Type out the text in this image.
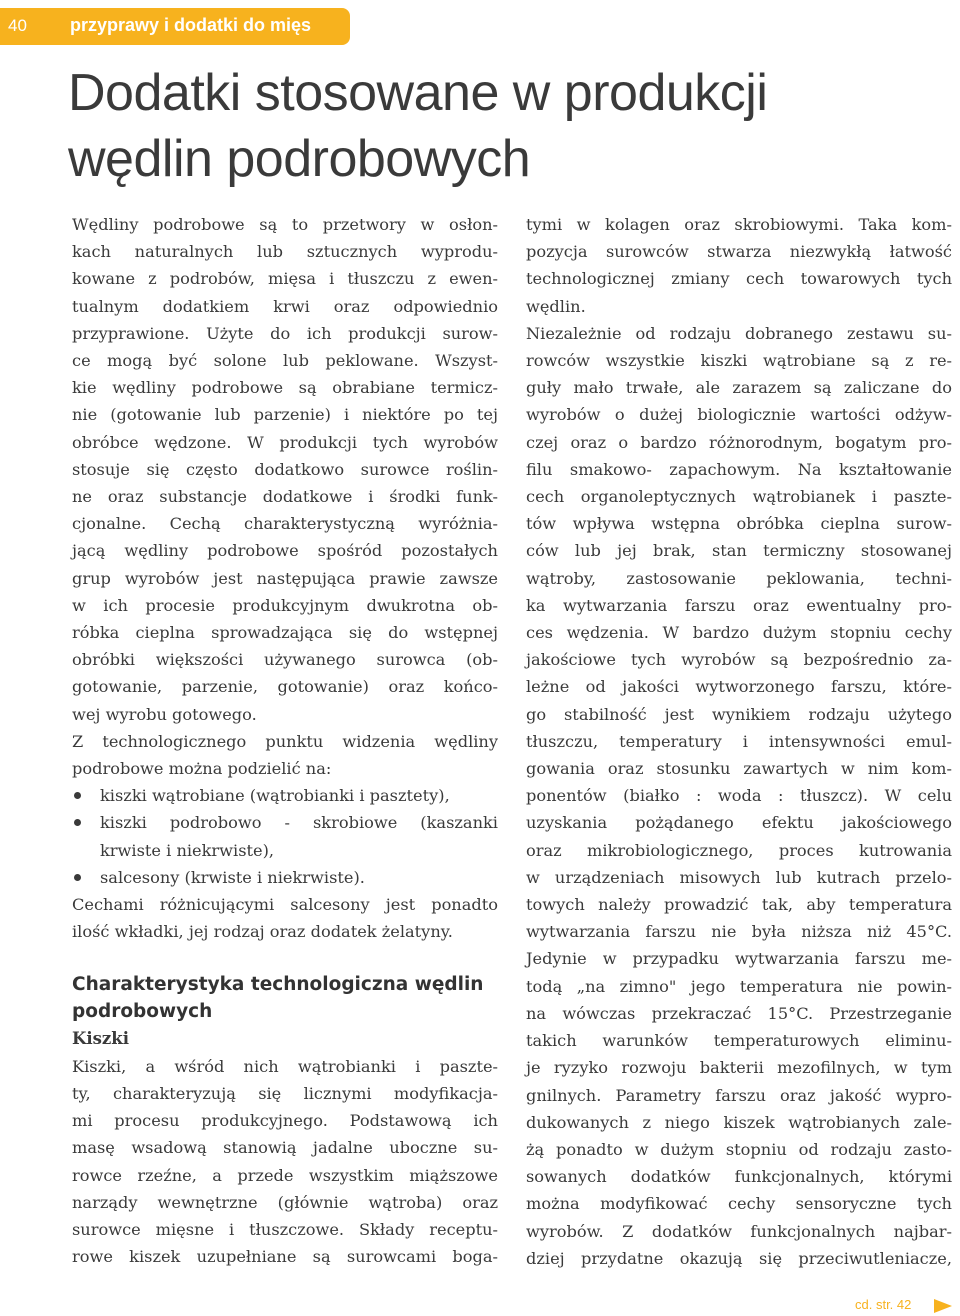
40	przyprawy i dodatki do mięs
Dodatki stosowane w produkcji
wędlin podrobowych
Wędliny podrobowe są to przetwory w osłon-
kach naturalnych lub sztucznych wyprodu-
kowane z podrobów, mięsa i tłuszczu z ewen-
tualnym dodatkiem krwi oraz odpowiednio
przyprawione. Użyte do ich produkcji surow-
ce mogą być solone lub peklowane. Wszyst-
kie wędliny podrobowe są obrabiane termicz-
nie (gotowanie lub parzenie) i niektóre po tej
obróbce wędzone. W produkcji tych wyrobów
stosuje się często dodatkowo surowce roślin-
ne oraz substancje dodatkowe i środki funk-
cjonalne. Cechą charakterystyczną wyróżnia-
jącą wędliny podrobowe spośród pozostałych
grup wyrobów jest następująca prawie zawsze
w ich procesie produkcyjnym dwukrotna ob-
róbka cieplna sprowadzająca się do wstępnej
obróbki większości używanego surowca (ob-
gotowanie, parzenie, gotowanie) oraz końco-
wej wyrobu gotowego.
Z technologicznego punktu widzenia wędliny
podrobowe można podzielić na:
kiszki wątrobiane (wątrobianki i pasztety),
kiszki podrobowo - skrobiowe (kaszanki
krwiste i niekrwiste),
salcesony (krwiste i niekrwiste).
Cechami różnicującymi salcesony jest ponadto
ilość wkładki, jej rodzaj oraz dodatek żelatyny.
Charakterystyka technologiczna wędlin
podrobowych
Kiszki
Kiszki, a wśród nich wątrobianki i paszte-
ty, charakteryzują się licznymi modyfikacja-
mi procesu produkcyjnego. Podstawową ich
masę wsadową stanowią jadalne uboczne su-
rowce rzeźne, a przede wszystkim miąższowe
narządy wewnętrzne (głównie wątroba) oraz
surowce mięsne i tłuszczowe. Składy receptu-
rowe kiszek uzupełniane są surowcami boga-
tymi w kolagen oraz skrobiowymi. Taka kom-
pozycja surowców stwarza niezwykłą łatwość
technologicznej zmiany cech towarowych tych
wędlin.
Niezależnie od rodzaju dobranego zestawu su-
rowców wszystkie kiszki wątrobiane są z re-
guły mało trwałe, ale zarazem są zaliczane do
wyrobów o dużej biologicznie wartości odżyw-
czej oraz o bardzo różnorodnym, bogatym pro-
filu smakowo- zapachowym. Na kształtowanie
cech organoleptycznych wątrobianek i paszte-
tów wpływa wstępna obróbka cieplna surow-
ców lub jej brak, stan termiczny stosowanej
wątroby, zastosowanie peklowania, techni-
ka wytwarzania farszu oraz ewentualny pro-
ces wędzenia. W bardzo dużym stopniu cechy
jakościowe tych wyrobów są bezpośrednio za-
leżne od jakości wytworzonego farszu, które-
go stabilność jest wynikiem rodzaju użytego
tłuszczu, temperatury i intensywności emul-
gowania oraz stosunku zawartych w nim kom-
ponentów (białko : woda : tłuszcz). W celu
uzyskania pożądanego efektu jakościowego
oraz mikrobiologicznego, proces kutrowania
w urządzeniach misowych lub kutrach przelo-
towych należy prowadzić tak, aby temperatura
wytwarzania farszu nie była niższa niż 45°C.
Jedynie w przypadku wytwarzania farszu me-
todą „na zimno" jego temperatura nie powin-
na wówczas przekraczać 15°C. Przestrzeganie
takich warunków temperaturowych eliminu-
je ryzyko rozwoju bakterii mezofilnych, w tym
gnilnych. Parametry farszu oraz jakość wypro-
dukowanych z niego kiszek wątrobianych zale-
żą ponadto w dużym stopniu od rodzaju zasto-
sowanych dodatków funkcjonalnych, którymi
można modyfikować cechy sensoryczne tych
wyrobów. Z dodatków funkcjonalnych najbar-
dziej przydatne okazują się przeciwutleniacze,
cd. str. 42
